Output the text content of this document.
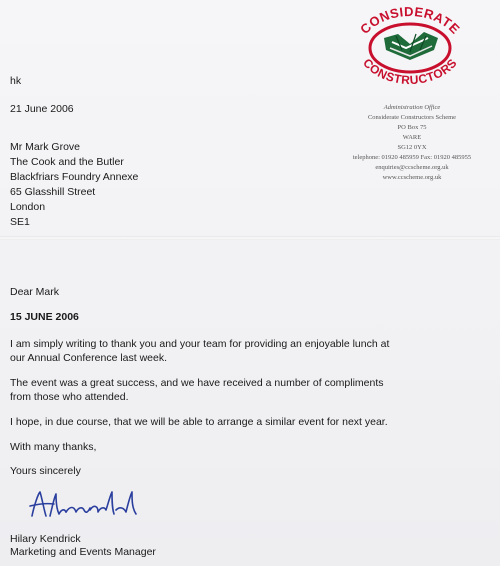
CONSIDERATE
CONSTRUCTORS
Administration Office
Considerate Constructors Scheme
PO Box 75
WARE
SG12 0YX
telephone: 01920 485959 Fax: 01920 485955
enquiries@ccscheme.org.uk
www.ccscheme.org.uk
hk
21 June 2006
Mr Mark Grove
The Cook and the Butler
Blackfriars Foundry Annexe
65 Glasshill Street
London
SE1
Dear Mark
15 JUNE 2006
I am simply writing to thank you and your team for providing an enjoyable lunch at
our Annual Conference last week.
The event was a great success, and we have received a number of compliments
from those who attended.
I hope, in due course, that we will be able to arrange a similar event for next year.
With many thanks,
Yours sincerely
Hilary Kendrick
Marketing and Events Manager
